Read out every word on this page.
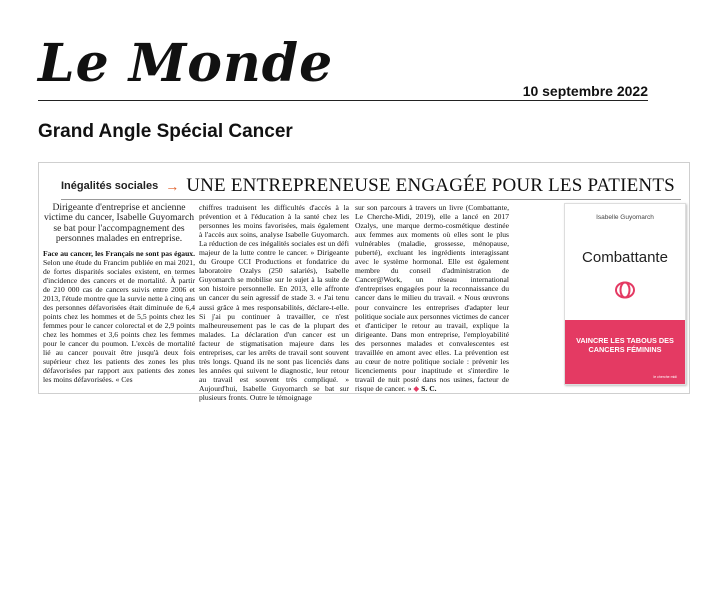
Le Monde	10 septembre 2022
Grand Angle Spécial Cancer
Inégalités sociales → UNE ENTREPRENEUSE ENGAGÉE POUR LES PATIENTS

Dirigeante d'entreprise et ancienne victime du cancer, Isabelle Guyomarch se bat pour l'accompagnement des personnes malades en entreprise.

Face au cancer, les Français ne sont pas égaux. Selon une étude du Francim publiée en mai 2021, de fortes disparités sociales existent, en termes d'incidence des cancers et de mortalité. À partir de 210 000 cas de cancers suivis entre 2006 et 2013, l'étude montre que la survie nette à cinq ans des personnes défavorisées était diminuée de 6,4 points chez les hommes et de 5,5 points chez les femmes pour le cancer colorectal et de 2,9 points chez les hommes et 3,6 points chez les femmes pour le cancer du poumon. L'excès de mortalité lié au cancer pouvait être jusqu'à deux fois supérieur chez les patients des zones les plus défavorisées par rapport aux patients des zones les moins défavorisées. « Ces

chiffres traduisent les difficultés d'accès à la prévention et à l'éducation à la santé chez les personnes les moins favorisées, mais également à l'accès aux soins, analyse Isabelle Guyomarch. La réduction de ces inégalités sociales est un défi majeur de la lutte contre le cancer. » Dirigeante du Groupe CCI Productions et fondatrice du laboratoire Ozalys (250 salariés), Isabelle Guyomarch se mobilise sur le sujet à la suite de son histoire personnelle. En 2013, elle affronte un cancer du sein agressif de stade 3. « J'ai tenu aussi grâce à mes responsabilités, déclare-t-elle. Si j'ai pu continuer à travailler, ce n'est malheureusement pas le cas de la plupart des malades. La déclaration d'un cancer est un facteur de stigmatisation majeure dans les entreprises, car les arrêts de travail sont souvent très longs. Quand ils ne sont pas licenciés dans les années qui suivent le diagnostic, leur retour au travail est souvent très compliqué. » Aujourd'hui, Isabelle Guyomarch se bat sur plusieurs fronts. Outre le témoignage

sur son parcours à travers un livre (Combattante, Le Cherche-Midi, 2019), elle a lancé en 2017 Ozalys, une marque dermo-cosmétique destinée aux femmes aux moments où elles sont le plus vulnérables (maladie, grossesse, ménopause, puberté), excluant les ingrédients interagissant avec le système hormonal. Elle est également membre du conseil d'administration de Cancer@Work, un réseau international d'entreprises engagées pour la reconnaissance du cancer dans le milieu du travail. « Nous œuvrons pour convaincre les entreprises d'adapter leur politique sociale aux personnes victimes de cancer et d'anticiper le retour au travail, explique la dirigeante. Dans mon entreprise, l'employabilité des personnes malades et convalescentes est travaillée en amont avec elles. La prévention est au cœur de notre politique sociale : prévenir les licenciements pour inaptitude et s'interdire le travail de nuit posté dans nos usines, facteur de risque de cancer. » ◆ S. C.

Isabelle Guyomarch
Combattante
VAINCRE LES TABOUS DES CANCERS FÉMININS
le cherche midi
